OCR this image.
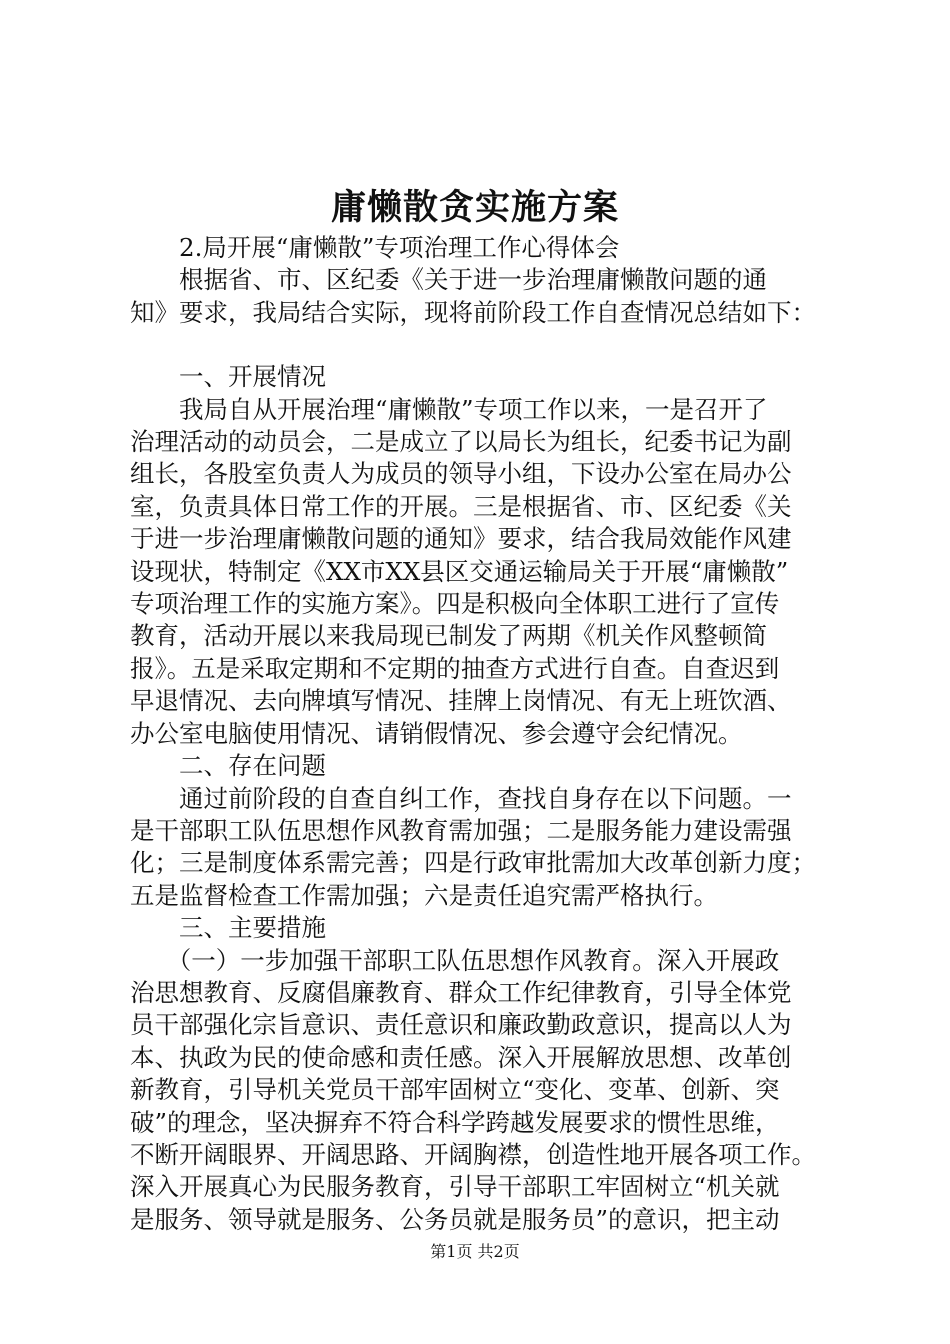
庸懒散贪实施方案
　　2.局开展“庸懒散”专项治理工作心得体会
　　根据省、市、区纪委《关于进一步治理庸懒散问题的通
知》要求，我局结合实际，现将前阶段工作自查情况总结如下：
　　一、开展情况
　　我局自从开展治理“庸懒散”专项工作以来，一是召开了
治理活动的动员会，二是成立了以局长为组长，纪委书记为副
组长，各股室负责人为成员的领导小组，下设办公室在局办公
室，负责具体日常工作的开展。三是根据省、市、区纪委《关
于进一步治理庸懒散问题的通知》要求，结合我局效能作风建
设现状，特制定《XX市XX县区交通运输局关于开展“庸懒散”
专项治理工作的实施方案》。四是积极向全体职工进行了宣传
教育，活动开展以来我局现已制发了两期《机关作风整顿简
报》。五是采取定期和不定期的抽查方式进行自查。自查迟到
早退情况、去向牌填写情况、挂牌上岗情况、有无上班饮酒、
办公室电脑使用情况、请销假情况、参会遵守会纪情况。
　　二、存在问题
　　通过前阶段的自查自纠工作，查找自身存在以下问题。一
是干部职工队伍思想作风教育需加强；二是服务能力建设需强
化；三是制度体系需完善；四是行政审批需加大改革创新力度；
五是监督检查工作需加强；六是责任追究需严格执行。
　　三、主要措施
　　（一）一步加强干部职工队伍思想作风教育。深入开展政
治思想教育、反腐倡廉教育、群众工作纪律教育，引导全体党
员干部强化宗旨意识、责任意识和廉政勤政意识，提高以人为
本、执政为民的使命感和责任感。深入开展解放思想、改革创
新教育，引导机关党员干部牢固树立“变化、变革、创新、突
破”的理念，坚决摒弃不符合科学跨越发展要求的惯性思维，
不断开阔眼界、开阔思路、开阔胸襟，创造性地开展各项工作。
深入开展真心为民服务教育，引导干部职工牢固树立“机关就
是服务、领导就是服务、公务员就是服务员”的意识，把主动
第1页 共2页
